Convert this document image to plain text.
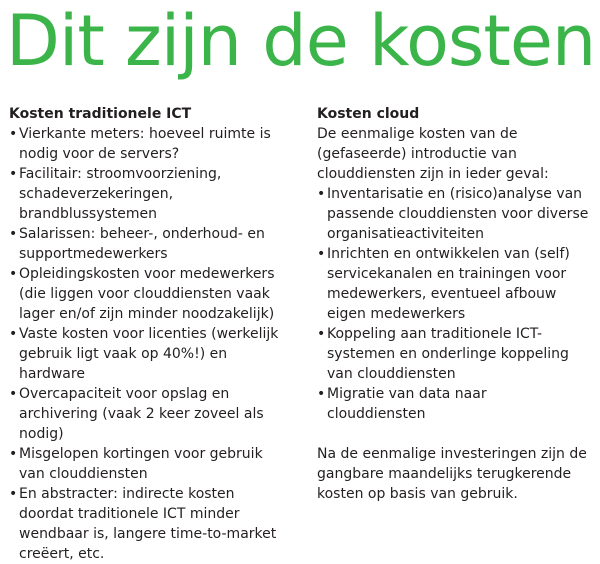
Dit zijn de kosten
Kosten traditionele ICT
• Vierkante meters: hoeveel ruimte is
nodig voor de servers?
• Facilitair: stroomvoorziening,
schadeverzekeringen,
brandblussystemen
• Salarissen: beheer-, onderhoud- en
supportmedewerkers
• Opleidingskosten voor medewerkers
(die liggen voor clouddiensten vaak
lager en/of zijn minder noodzakelijk)
• Vaste kosten voor licenties (werkelijk
gebruik ligt vaak op 40%!) en
hardware
• Overcapaciteit voor opslag en
archivering (vaak 2 keer zoveel als
nodig)
• Misgelopen kortingen voor gebruik
van clouddiensten
• En abstracter: indirecte kosten
doordat traditionele ICT minder
wendbaar is, langere time-to-market
creëert, etc.
Kosten cloud

De eenmalige kosten van de
(gefaseerde) introductie van
clouddiensten zijn in ieder geval:

• Inventarisatie en (risico)analyse van
passende clouddiensten voor diverse
organisatieactiviteiten
• Inrichten en ontwikkelen van (self)
servicekanalen en trainingen voor
medewerkers, eventueel afbouw
eigen medewerkers
• Koppeling aan traditionele ICT-
systemen en onderlinge koppeling
van clouddiensten
• Migratie van data naar
clouddiensten

Na de eenmalige investeringen zijn de
gangbare maandelijks terugkerende
kosten op basis van gebruik.
